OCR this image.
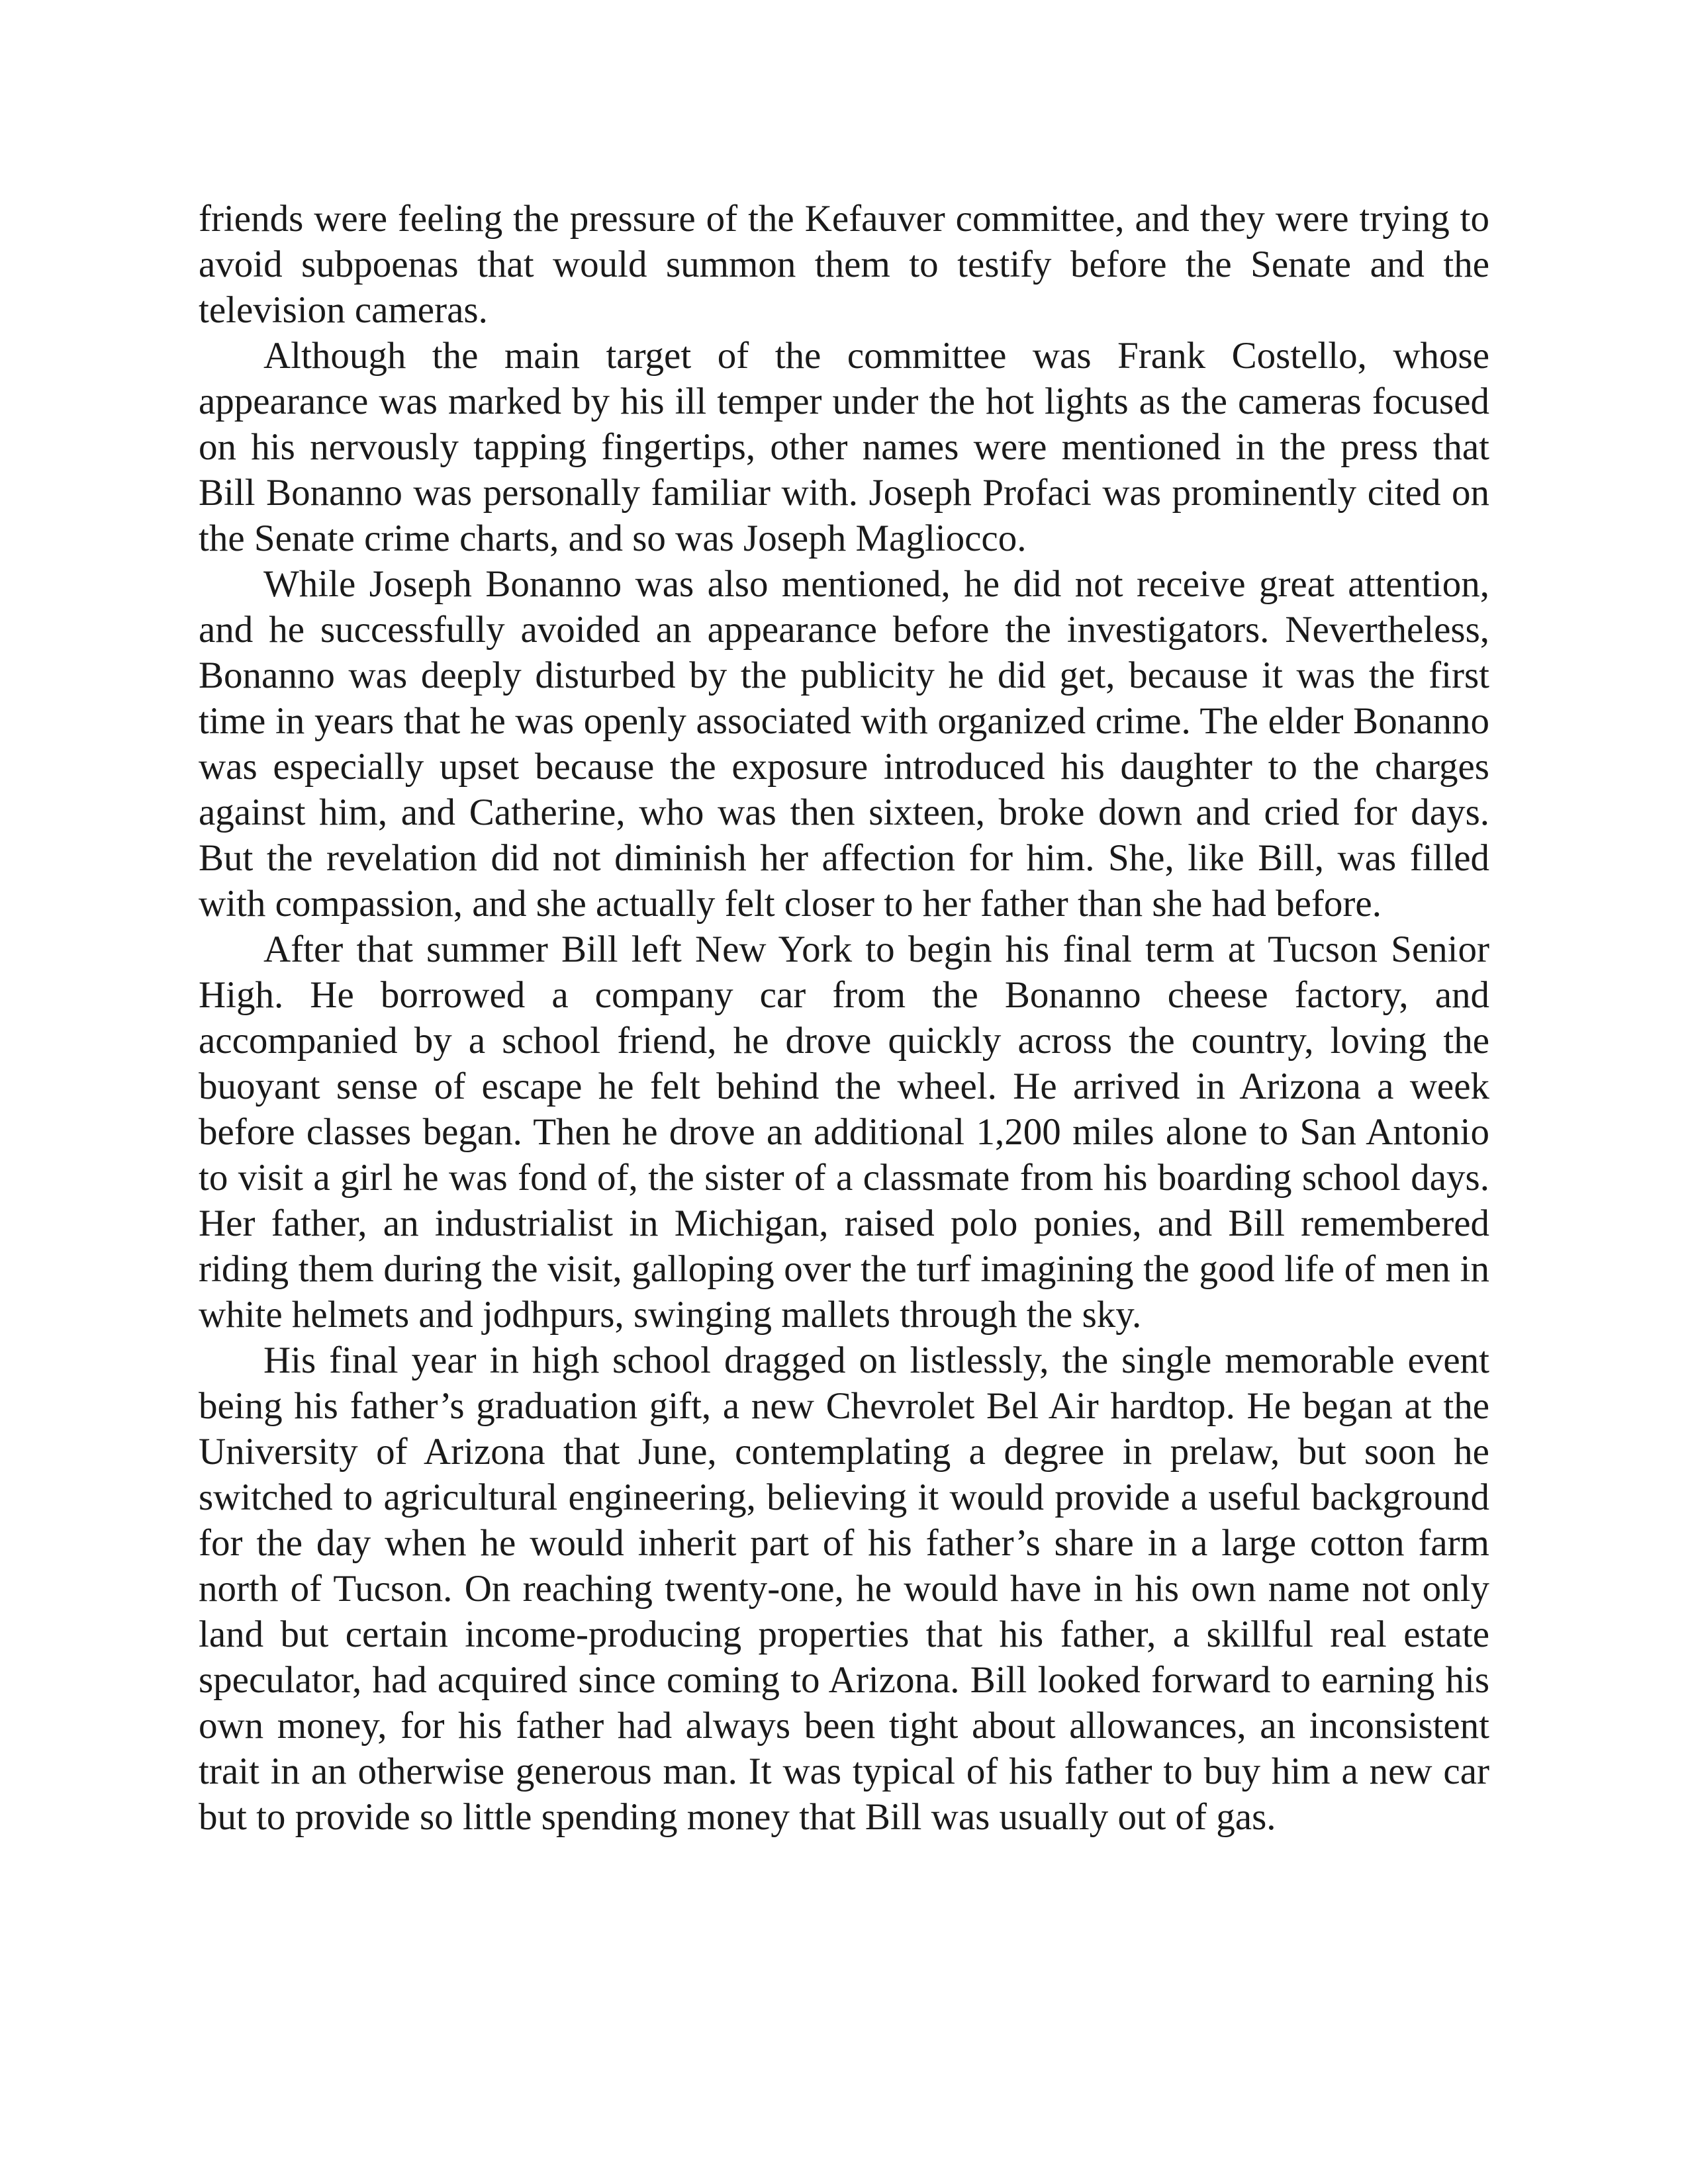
friends were feeling the pressure of the Kefauver committee, and they were trying to avoid subpoenas that would summon them to testify before the Senate and the television cameras.

Although the main target of the committee was Frank Costello, whose appearance was marked by his ill temper under the hot lights as the cameras focused on his nervously tapping fingertips, other names were mentioned in the press that Bill Bonanno was personally familiar with. Joseph Profaci was prominently cited on the Senate crime charts, and so was Joseph Magliocco.

While Joseph Bonanno was also mentioned, he did not receive great attention, and he successfully avoided an appearance before the investigators. Nevertheless, Bonanno was deeply disturbed by the publicity he did get, because it was the first time in years that he was openly associated with organized crime. The elder Bonanno was especially upset because the exposure introduced his daughter to the charges against him, and Catherine, who was then sixteen, broke down and cried for days. But the revelation did not diminish her affection for him. She, like Bill, was filled with compassion, and she actually felt closer to her father than she had before.

After that summer Bill left New York to begin his final term at Tucson Senior High. He borrowed a company car from the Bonanno cheese factory, and accompanied by a school friend, he drove quickly across the country, loving the buoyant sense of escape he felt behind the wheel. He arrived in Arizona a week before classes began. Then he drove an additional 1,200 miles alone to San Antonio to visit a girl he was fond of, the sister of a classmate from his boarding school days. Her father, an industrialist in Michigan, raised polo ponies, and Bill remembered riding them during the visit, galloping over the turf imagining the good life of men in white helmets and jodhpurs, swinging mallets through the sky.

His final year in high school dragged on listlessly, the single memorable event being his father’s graduation gift, a new Chevrolet Bel Air hardtop. He began at the University of Arizona that June, contemplating a degree in prelaw, but soon he switched to agricultural engineering, believing it would provide a useful background for the day when he would inherit part of his father’s share in a large cotton farm north of Tucson. On reaching twenty-one, he would have in his own name not only land but certain income-producing properties that his father, a skillful real estate speculator, had acquired since coming to Arizona. Bill looked forward to earning his own money, for his father had always been tight about allowances, an inconsistent trait in an otherwise generous man. It was typical of his father to buy him a new car but to provide so little spending money that Bill was usually out of gas.
